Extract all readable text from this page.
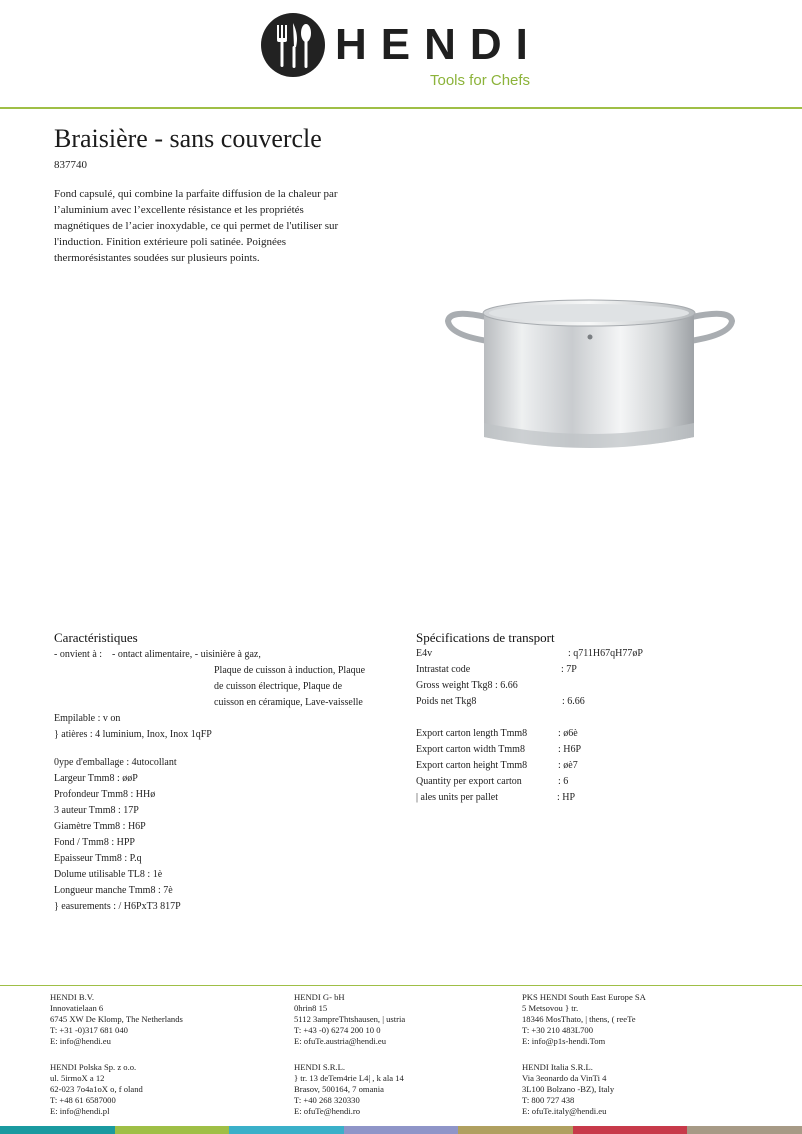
HENDI
Tools for Chefs
Braisière - sans couvercle
837740
Fond capsulé, qui combine la parfaite diffusion de la chaleur par l’aluminium avec l’excellente résistance et les propriétés magnétiques de l’acier inoxydable, ce qui permet de l'utiliser sur l'induction. Finition extérieure poli satinée. Poignées thermorésistantes soudées sur plusieurs points.
Caractéristiques
- onvient à : - ontact alimentaire, - uisinière à gaz,
Plaque de cuisson à induction, Plaque
de cuisson électrique, Plaque de
cuisson en céramique, Lave-vaisselle
Empilable : v on
} atières : 4 luminium, Inox, Inox 1qFP
0ype d'emballage : 4utocollant
Largeur Tmm8 : øøP
Profondeur Tmm8 : HHø
3 auteur Tmm8 : 17P
Giamètre Tmm8 : H6P
Fond / Tmm8 : HPP
Epaisseur Tmm8 : P.q
Dolume utilisable TL8 : 1è
Longueur manche Tmm8 : 7è
} easurements : / H6PxT3 817P
Spécifications de transport
E4v	: q711H67qH77øP
Intrastat code	: 7P
Gross weight Tkg8 : 6.66
Poids net Tkg8	: 6.66
Export carton length Tmm8	: ø6è
Export carton width Tmm8	: H6P
Export carton height Tmm8	: øè7
Quantity per export carton	: 6
| ales units per pallet	: HP
HENDI B.V.
Innovatielaan 6
6745 XW De Klomp, The Netherlands
T: +31 -0)317 681 040
E: info@hendi.eu
HENDI G- bH
0hrin8 15
5112 3amprеThtshausen, | ustria
T: +43 -0) 6274 200 10 0
E: ofuTe.austria@hendi.eu
PKS HENDI South East Europe SA
5 Metsovou } tr.
18346 MosThato, | thens, ( reeTe
T: +30 210 483L700
E: info@p1s-hendi.Tom
HENDI Polska Sp. z o.o.
ul. 5irmoX a 12
62-023 7o4a1oX o, f oland
T: +48 61 6587000
E: info@hendi.pl
HENDI S.R.L.
} tr. 13 deTem4rie L4| , k ala 14
Brasov, 500164, 7 omania
T: +40 268 320330
E: ofuTe@hendi.ro
HENDI Italia S.R.L.
Via 3eonardo da VinTi 4
3L100 Bolzano -BZ), Italy
T: 800 727 438
E: ofuTe.italy@hendi.eu
